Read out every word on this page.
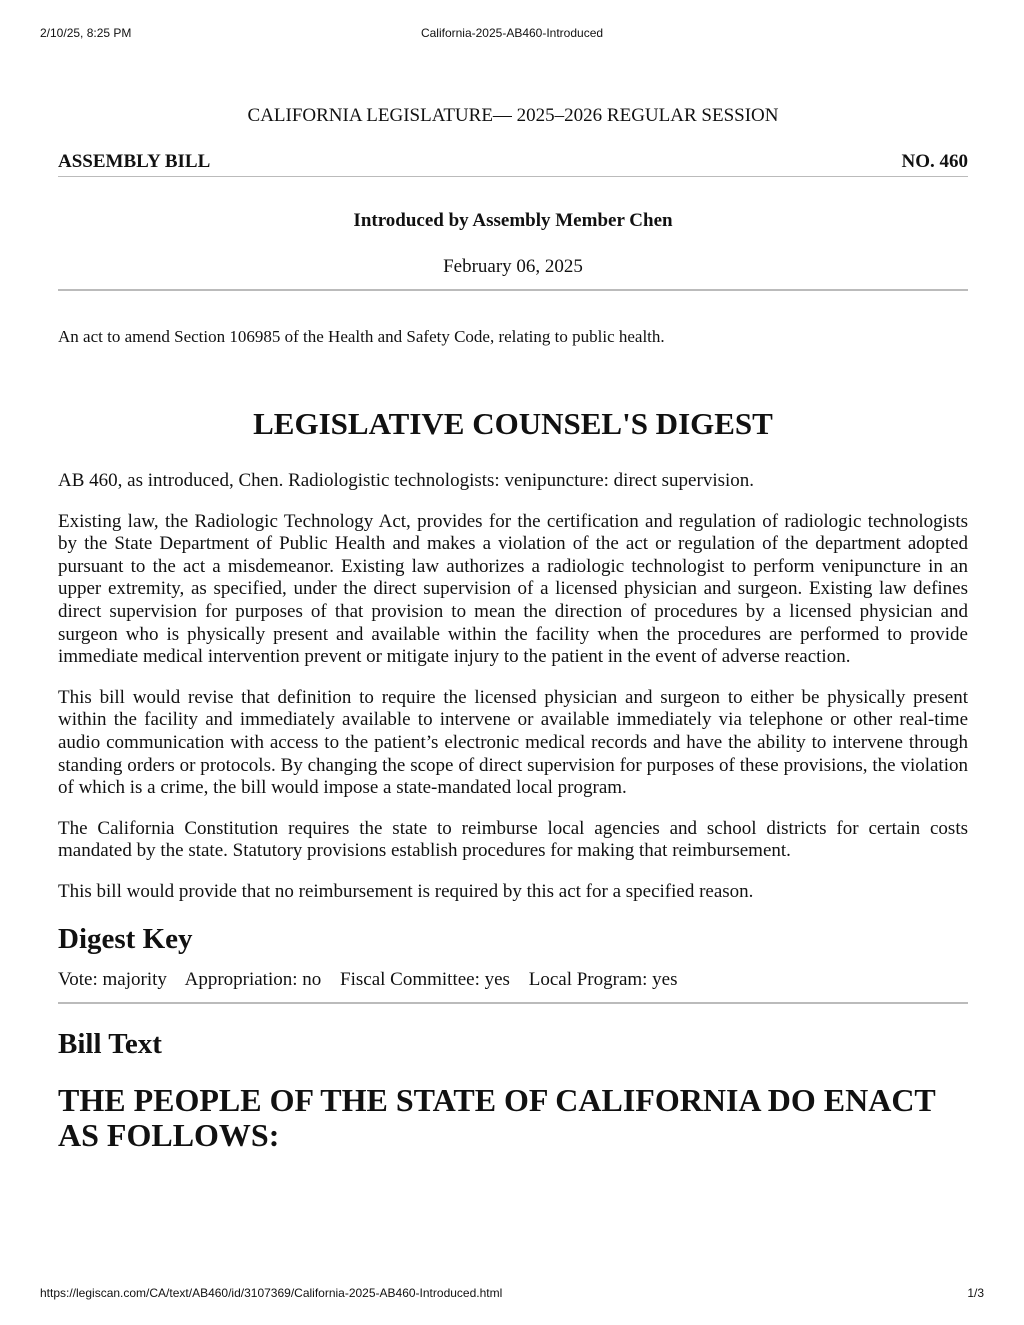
2/10/25, 8:25 PM	California-2025-AB460-Introduced

CALIFORNIA LEGISLATURE— 2025–2026 REGULAR SESSION

ASSEMBLY BILL	NO. 460
Introduced by Assembly Member Chen
February 06, 2025
An act to amend Section 106985 of the Health and Safety Code, relating to public health.
LEGISLATIVE COUNSEL'S DIGEST

AB 460, as introduced, Chen. Radiologistic technologists: venipuncture: direct supervision.

Existing law, the Radiologic Technology Act, provides for the certification and regulation of radiologic technologists by the State Department of Public Health and makes a violation of the act or regulation of the department adopted pursuant to the act a misdemeanor. Existing law authorizes a radiologic technologist to perform venipuncture in an upper extremity, as specified, under the direct supervision of a licensed physician and surgeon. Existing law defines direct supervision for purposes of that provision to mean the direction of procedures by a licensed physician and surgeon who is physically present and available within the facility when the procedures are performed to provide immediate medical intervention prevent or mitigate injury to the patient in the event of adverse reaction.

This bill would revise that definition to require the licensed physician and surgeon to either be physically present within the facility and immediately available to intervene or available immediately via telephone or other real-time audio communication with access to the patient’s electronic medical records and have the ability to intervene through standing orders or protocols. By changing the scope of direct supervision for purposes of these provisions, the violation of which is a crime, the bill would impose a state-mandated local program.

The California Constitution requires the state to reimburse local agencies and school districts for certain costs mandated by the state. Statutory provisions establish procedures for making that reimbursement.

This bill would provide that no reimbursement is required by this act for a specified reason.

Digest Key
Vote: majority Appropriation: no Fiscal Committee: yes Local Program: yes
Bill Text
THE PEOPLE OF THE STATE OF CALIFORNIA DO ENACT AS FOLLOWS:
https://legiscan.com/CA/text/AB460/id/3107369/California-2025-AB460-Introduced.html	1/3
